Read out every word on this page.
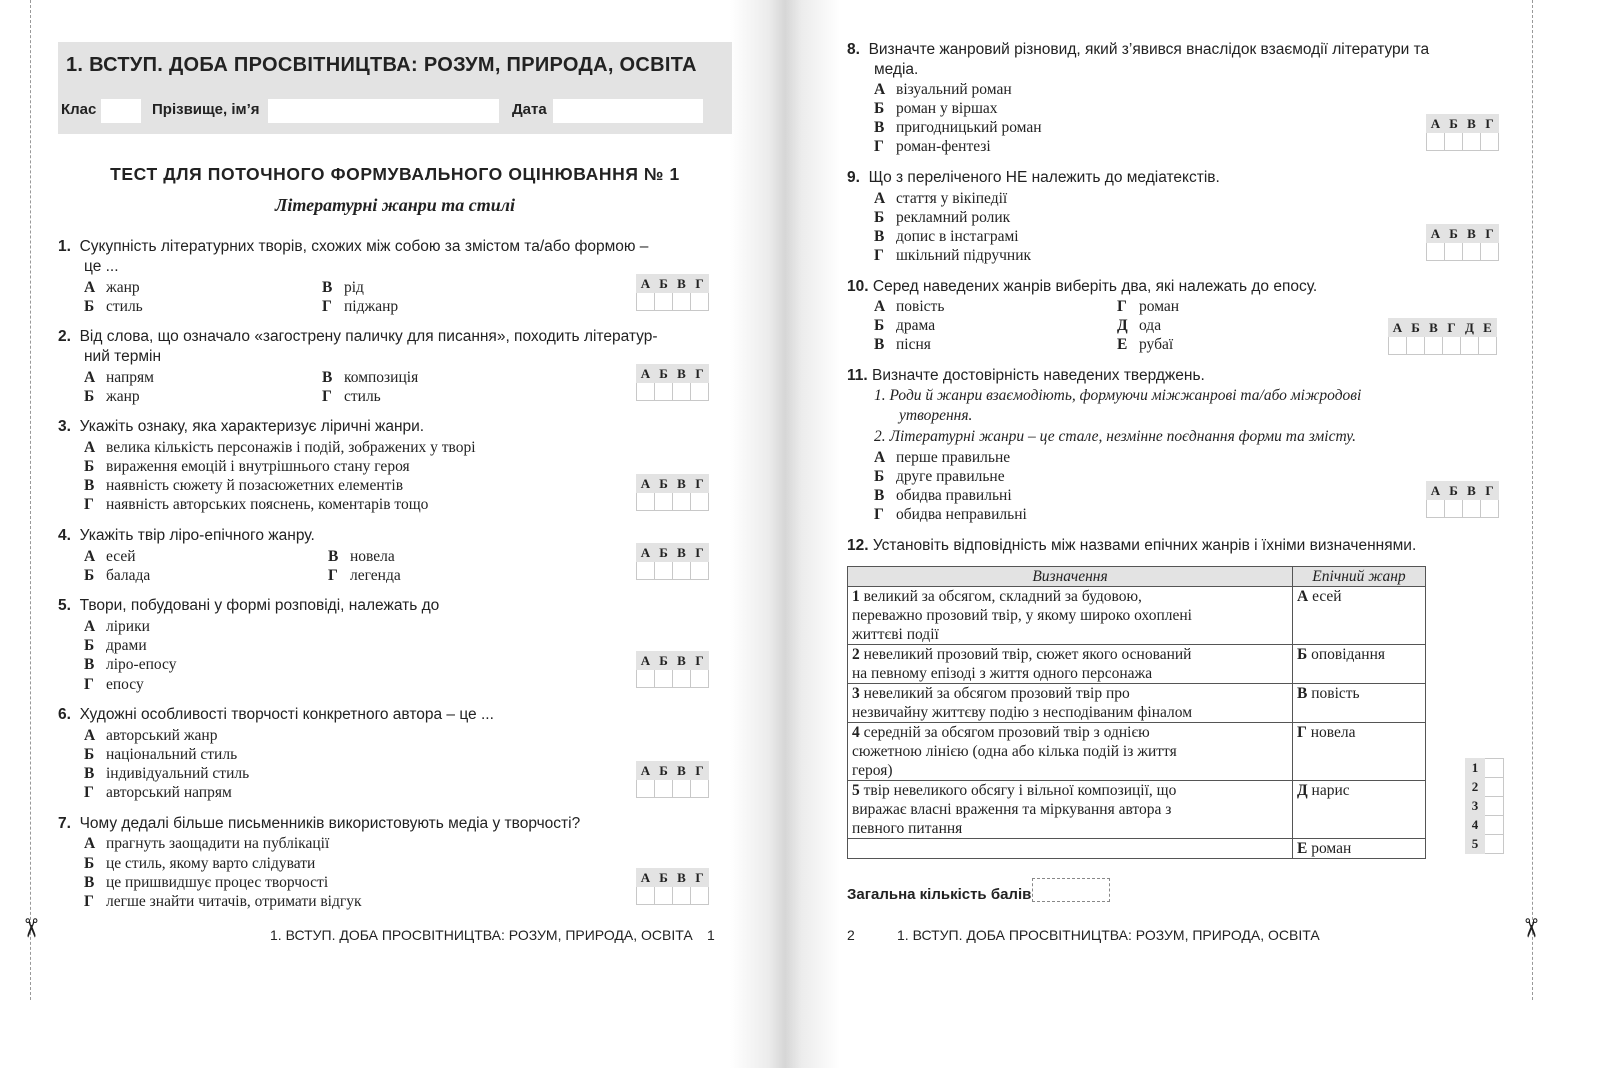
✂	✂
1. ВСТУП. ДОБА ПРОСВІТНИЦТВА: РОЗУМ, ПРИРОДА, ОСВІТА
Клас	Прізвище, ім’я	Дата
ТЕСТ ДЛЯ ПОТОЧНОГО ФОРМУВАЛЬНОГО ОЦІНЮВАННЯ № 1
Літературні жанри та стилі
1. Сукупність літературних творів, схожих між собою за змістом та/або формою –
це ...
А жанр	В рід
Б стиль	Г піджанр
2. Від слова, що означало «загострену паличку для писання», походить літератур-
ний термін
А напрям	В композиція
Б жанр	Г стиль
3. Укажіть ознаку, яка характеризує ліричні жанри.
А велика кількість персонажів і подій, зображених у творі
Б вираження емоцій і внутрішнього стану героя
В наявність сюжету й позасюжетних елементів
Г наявність авторських пояснень, коментарів тощо
4. Укажіть твір ліро-епічного жанру.
А есей	В новела
Б балада	Г легенда
5. Твори, побудовані у формі розповіді, належать до
А лірики
Б драми
В ліро-епосу
Г епосу
6. Художні особливості творчості конкретного автора – це ...
А авторський жанр
Б національний стиль
В індивідуальний стиль
Г авторський напрям
7. Чому дедалі більше письменників використовують медіа у творчості?
А прагнуть заощадити на публікації
Б це стиль, якому варто слідувати
В це пришвидшує процес творчості
Г легше знайти читачів, отримати відгук
А	Б	В	Г

А	Б	В	Г

А	Б	В	Г

А	Б	В	Г

А	Б	В	Г

А	Б	В	Г

А	Б	В	Г

1. ВСТУП. ДОБА ПРОСВІТНИЦТВА: РОЗУМ, ПРИРОДА, ОСВІТА 1
8. Визначте жанровий різновид, який з’явився внаслідок взаємодії літератури та
медіа.
А візуальний роман
Б роман у віршах
В пригодницький роман
Г роман-фентезі
9. Що з переліченого НЕ належить до медіатекстів.
А стаття у вікіпедії
Б рекламний ролик
В допис в інстаграмі
Г шкільний підручник
10. Серед наведених жанрів виберіть два, які належать до епосу.
А повість	Г роман
Б драма	Д ода
В пісня	Е рубаї
11. Визначте достовірність наведених тверджень.
1. Роди й жанри взаємодіють, формуючи міжжанрові та/або міжродові
утворення.
2. Літературні жанри – це стале, незмінне поєднання форми та змісту.
А перше правильне
Б друге правильне
В обидва правильні
Г обидва неправильні
12. Установіть відповідність між назвами епічних жанрів і їхніми визначеннями.
Визначення	Епічний жанр
1 великий за обсягом, складний за будовою,
переважно прозовий твір, у якому широко охоплені
життєві події	А есей
2 невеликий прозовий твір, сюжет якого оснований
на певному епізоді з життя одного персонажа	Б оповідання
3 невеликий за обсягом прозовий твір про
незвичайну життєву подію з несподіваним фіналом	В повість
4 середній за обсягом прозовий твір з однією
сюжетною лінією (одна або кілька подій із життя
героя)	Г новела
5 твір невеликого обсягу і вільної композиції, що
виражає власні враження та міркування автора з
певного питання	Д нарис
	Е роман
А	Б	В	Г

А	Б	В	Г

А	Б	В	Г	Д	Е

А	Б	В	Г

1	
2	
3	
4	
5	
Загальна кількість балів
2	1. ВСТУП. ДОБА ПРОСВІТНИЦТВА: РОЗУМ, ПРИРОДА, ОСВІТА
